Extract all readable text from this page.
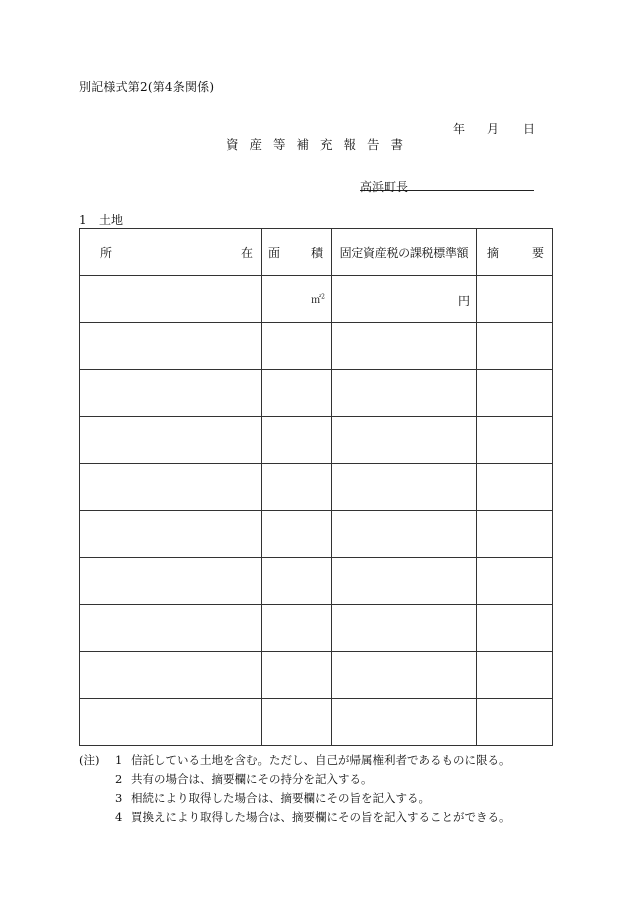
別記様式第2(第4条関係)
年 月 日
資産等補充報告書
高浜町長
1 土地
所 在	面 積	固定資産税の課税標準額	摘 要

	㎡$^2$	円	

(注)	1 信託している土地を含む。ただし、自己が帰属権利者であるものに限る。
2 共有の場合は、摘要欄にその持分を記入する。
3 相続により取得した場合は、摘要欄にその旨を記入する。
4 買換えにより取得した場合は、摘要欄にその旨を記入することができる。
